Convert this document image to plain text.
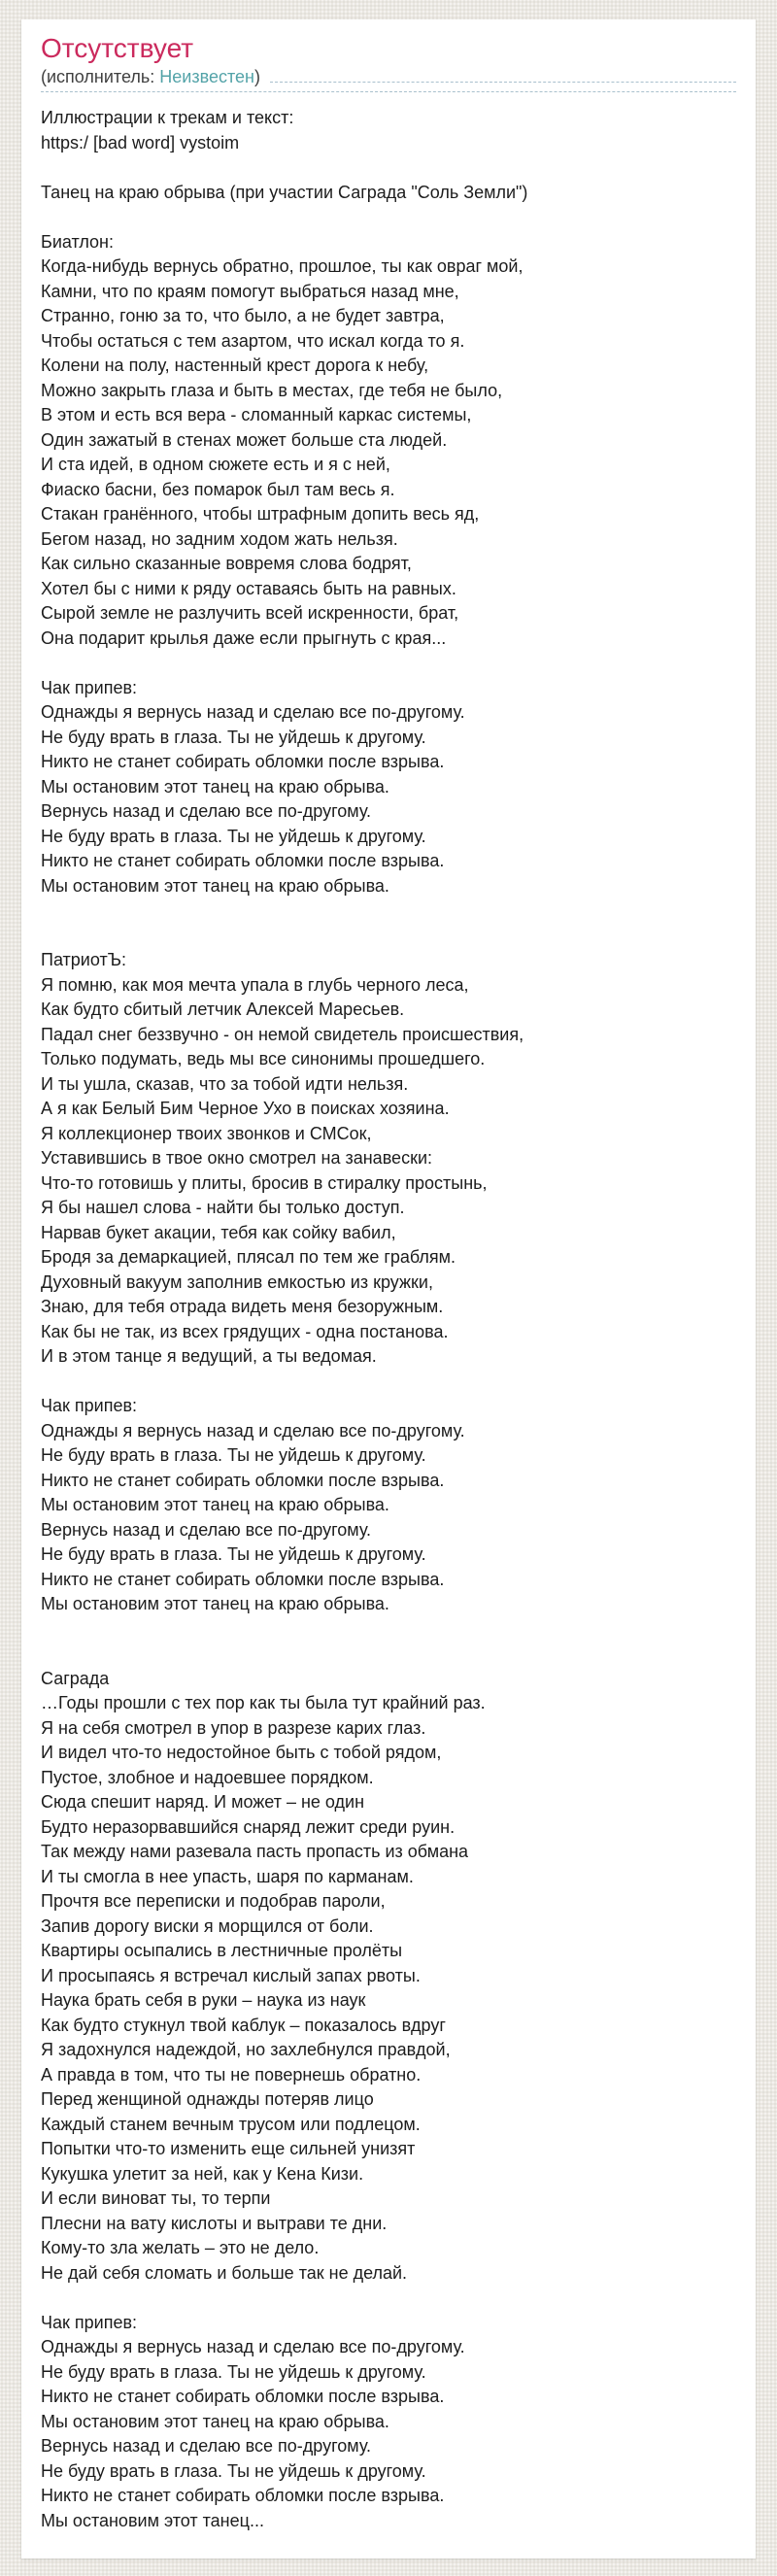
Отсутствует
(исполнитель:
Неизвестен )
Иллюстрации к трекам и текст:
https:/ [bad word] vystoim

Танец на краю обрыва (при участии Саграда "Соль Земли")

Биатлон:
Когда-нибудь вернусь обратно, прошлое, ты как овраг мой,
Камни, что по краям помогут выбраться назад мне,
Странно, гоню за то, что было, а не будет завтра,
Чтобы остаться с тем азартом, что искал когда то я.
Колени на полу, настенный крест дорога к небу,
Можно закрыть глаза и быть в местах, где тебя не было,
В этом и есть вся вера - сломанный каркас системы,
Один зажатый в стенах может больше ста людей.
И ста идей, в одном сюжете есть и я с ней,
Фиаско басни, без помарок был там весь я.
Стакан гранённого, чтобы штрафным допить весь яд,
Бегом назад, но задним ходом жать нельзя.
Как сильно сказанные вовремя слова бодрят,
Хотел бы с ними к ряду оставаясь быть на равных.
Сырой земле не разлучить всей искренности, брат,
Она подарит крылья даже если прыгнуть с края...

Чак припев:
Однажды я вернусь назад и сделаю все по-другому.
Не буду врать в глаза. Ты не уйдешь к другому.
Никто не станет собирать обломки после взрыва.
Мы остановим этот танец на краю обрыва.
Вернусь назад и сделаю все по-другому.
Не буду врать в глаза. Ты не уйдешь к другому.
Никто не станет собирать обломки после взрыва.
Мы остановим этот танец на краю обрыва.

ПатриотЪ:
Я помню, как моя мечта упала в глубь черного леса,
Как будто сбитый летчик Алексей Маресьев.
Падал снег беззвучно - он немой свидетель происшествия,
Только подумать, ведь мы все синонимы прошедшего.
И ты ушла, сказав, что за тобой идти нельзя.
А я как Белый Бим Черное Ухо в поисках хозяина.
Я коллекционер твоих звонков и СМСок,
Уставившись в твое окно смотрел на занавески:
Что-то готовишь у плиты, бросив в стиралку простынь,
Я бы нашел слова - найти бы только доступ.
Нарвав букет акации, тебя как сойку вабил,
Бродя за демаркацией, плясал по тем же граблям.
Духовный вакуум заполнив емкостью из кружки,
Знаю, для тебя отрада видеть меня безоружным.
Как бы не так, из всех грядущих - одна постанова.
И в этом танце я ведущий, а ты ведомая.

Чак припев:
Однажды я вернусь назад и сделаю все по-другому.
Не буду врать в глаза. Ты не уйдешь к другому.
Никто не станет собирать обломки после взрыва.
Мы остановим этот танец на краю обрыва.
Вернусь назад и сделаю все по-другому.
Не буду врать в глаза. Ты не уйдешь к другому.
Никто не станет собирать обломки после взрыва.
Мы остановим этот танец на краю обрыва.

Саграда
…Годы прошли с тех пор как ты была тут крайний раз.
Я на себя смотрел в упор в разрезе карих глаз.
И видел что-то недостойное быть с тобой рядом,
Пустое, злобное и надоевшее порядком.
Сюда спешит наряд. И может – не один
Будто неразорвавшийся снаряд лежит среди руин.
Так между нами разевала пасть пропасть из обмана
И ты смогла в нее упасть, шаря по карманам.
Прочтя все переписки и подобрав пароли,
Запив дорогу виски я морщился от боли.
Квартиры осыпались в лестничные пролёты
И просыпаясь я встречал кислый запах рвоты.
Наука брать себя в руки – наука из наук
Как будто стукнул твой каблук – показалось вдруг
Я задохнулся надеждой, но захлебнулся правдой,
А правда в том, что ты не повернешь обратно.
Перед женщиной однажды потеряв лицо
Каждый станем вечным трусом или подлецом.
Попытки что-то изменить еще сильней унизят
Кукушка улетит за ней, как у Кена Кизи.
И если виноват ты, то терпи
Плесни на вату кислоты и вытрави те дни.
Кому-то зла желать – это не дело.
Не дай себя сломать и больше так не делай.

Чак припев:
Однажды я вернусь назад и сделаю все по-другому.
Не буду врать в глаза. Ты не уйдешь к другому.
Никто не станет собирать обломки после взрыва.
Мы остановим этот танец на краю обрыва.
Вернусь назад и сделаю все по-другому.
Не буду врать в глаза. Ты не уйдешь к другому.
Никто не станет собирать обломки после взрыва.
Мы остановим этот танец...
